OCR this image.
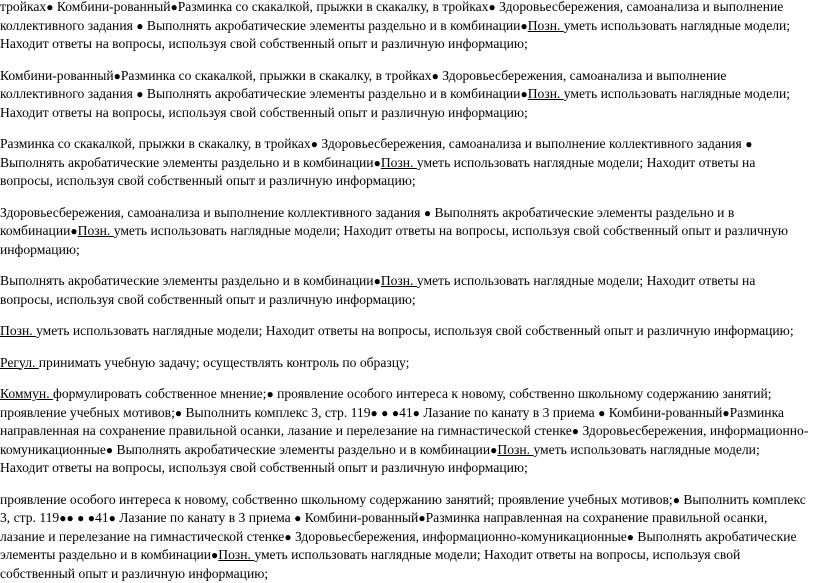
тройках● Комбини-рованный●Разминка со скакалкой, прыжки в скакалку, в тройках● Здоровьесбережения, самоанализа и выполнение коллективного задания ● Выполнять акробатические элементы раздельно и в комбинации●Позн. уметь использовать наглядные модели; Находит ответы на вопросы, используя свой собственный опыт и различную информацию;

Комбини-рованный●Разминка со скакалкой, прыжки в скакалку, в тройках● Здоровьесбережения, самоанализа и выполнение коллективного задания ● Выполнять акробатические элементы раздельно и в комбинации●Позн. уметь использовать наглядные модели; Находит ответы на вопросы, используя свой собственный опыт и различную информацию;

Разминка со скакалкой, прыжки в скакалку, в тройках● Здоровьесбережения, самоанализа и выполнение коллективного задания ● Выполнять акробатические элементы раздельно и в комбинации●Позн. уметь использовать наглядные модели; Находит ответы на вопросы, используя свой собственный опыт и различную информацию;

Здоровьесбережения, самоанализа и выполнение коллективного задания ● Выполнять акробатические элементы раздельно и в комбинации●Позн. уметь использовать наглядные модели; Находит ответы на вопросы, используя свой собственный опыт и различную информацию;

Выполнять акробатические элементы раздельно и в комбинации●Позн. уметь использовать наглядные модели; Находит ответы на вопросы, используя свой собственный опыт и различную информацию;

Позн. уметь использовать наглядные модели; Находит ответы на вопросы, используя свой собственный опыт и различную информацию;

Регул. принимать учебную задачу; осуществлять контроль по образцу;

Коммун. формулировать собственное мнение;● проявление особого интереса к новому, собственно школьному содержанию занятий; проявление учебных мотивов;● Выполнить комплекс 3, стр. 119● ● ●41● Лазание по канату в 3 приема ● Комбини-рованный●Разминка направленная на сохранение правильной осанки, лазание и перелезание на гимнастической стенке● Здоровьесбережения, информационно-комуникационные● Выполнять акробатические элементы раздельно и в комбинации●Позн. уметь использовать наглядные модели; Находит ответы на вопросы, используя свой собственный опыт и различную информацию;

проявление особого интереса к новому, собственно школьному содержанию занятий; проявление учебных мотивов;● Выполнить комплекс 3, стр. 119●● ● ●41● Лазание по канату в 3 приема ● Комбини-рованный●Разминка направленная на сохранение правильной осанки, лазание и перелезание на гимнастической стенке● Здоровьесбережения, информационно-комуникационные● Выполнять акробатические элементы раздельно и в комбинации●Позн. уметь использовать наглядные модели; Находит ответы на вопросы, используя свой собственный опыт и различную информацию;
